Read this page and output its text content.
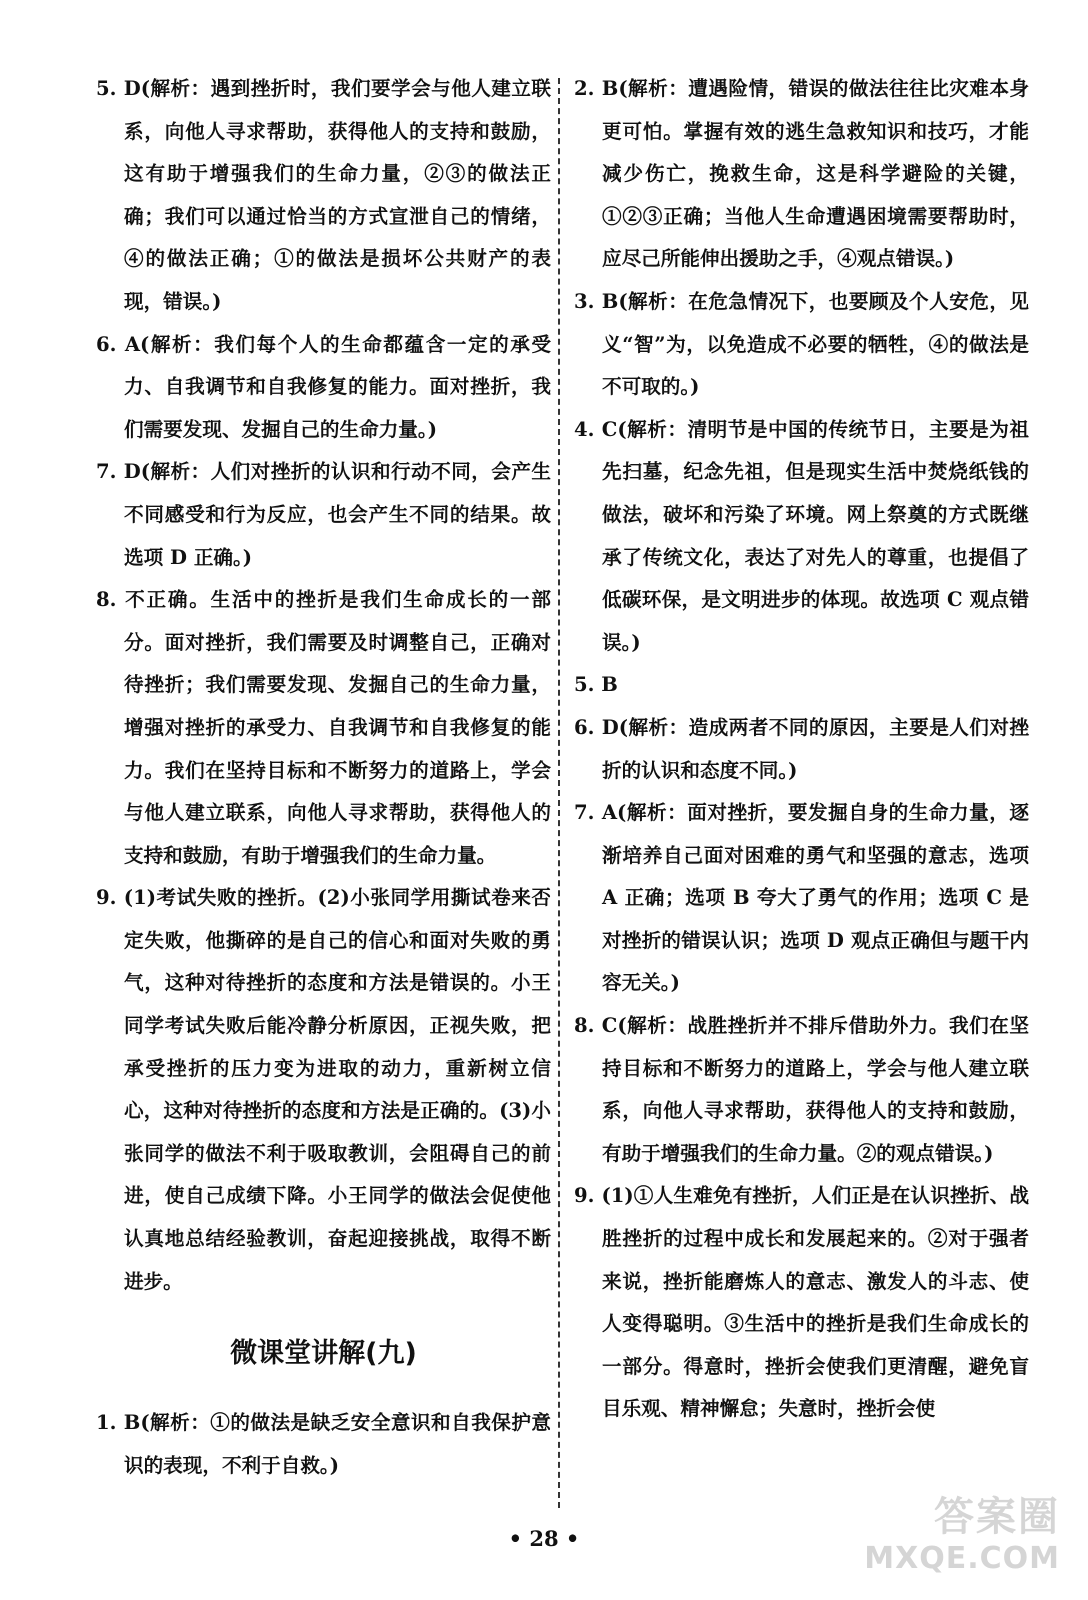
5. D(解析：遇到挫折时，我们要学会与他人建立联系，向他人寻求帮助，获得他人的支持和鼓励，这有助于增强我们的生命力量，②③的做法正确；我们可以通过恰当的方式宣泄自己的情绪，④的做法正确；①的做法是损坏公共财产的表现，错误。)

6. A(解析：我们每个人的生命都蕴含一定的承受力、自我调节和自我修复的能力。面对挫折，我们需要发现、发掘自己的生命力量。)

7. D(解析：人们对挫折的认识和行动不同，会产生不同感受和行为反应，也会产生不同的结果。故选项 D 正确。)

8. 不正确。生活中的挫折是我们生命成长的一部分。面对挫折，我们需要及时调整自己，正确对待挫折；我们需要发现、发掘自己的生命力量，增强对挫折的承受力、自我调节和自我修复的能力。我们在坚持目标和不断努力的道路上，学会与他人建立联系，向他人寻求帮助，获得他人的支持和鼓励，有助于增强我们的生命力量。

9. (1)考试失败的挫折。(2)小张同学用撕试卷来否定失败，他撕碎的是自己的信心和面对失败的勇气，这种对待挫折的态度和方法是错误的。小王同学考试失败后能冷静分析原因，正视失败，把承受挫折的压力变为进取的动力，重新树立信心，这种对待挫折的态度和方法是正确的。(3)小张同学的做法不利于吸取教训，会阻碍自己的前进，使自己成绩下降。小王同学的做法会促使他认真地总结经验教训，奋起迎接挑战，取得不断进步。

微课堂讲解(九)

1. B(解析：①的做法是缺乏安全意识和自我保护意识的表现，不利于自救。)

2. B(解析：遭遇险情，错误的做法往往比灾难本身更可怕。掌握有效的逃生急救知识和技巧，才能减少伤亡，挽救生命，这是科学避险的关键，①②③正确；当他人生命遭遇困境需要帮助时，应尽己所能伸出援助之手，④观点错误。)

3. B(解析：在危急情况下，也要顾及个人安危，见义“智”为，以免造成不必要的牺牲，④的做法是不可取的。)

4. C(解析：清明节是中国的传统节日，主要是为祖先扫墓，纪念先祖，但是现实生活中焚烧纸钱的做法，破坏和污染了环境。网上祭奠的方式既继承了传统文化，表达了对先人的尊重，也提倡了低碳环保，是文明进步的体现。故选项 C 观点错误。)

5. B

6. D(解析：造成两者不同的原因，主要是人们对挫折的认识和态度不同。)

7. A(解析：面对挫折，要发掘自身的生命力量，逐渐培养自己面对困难的勇气和坚强的意志，选项 A 正确；选项 B 夸大了勇气的作用；选项 C 是对挫折的错误认识；选项 D 观点正确但与题干内容无关。)

8. C(解析：战胜挫折并不排斥借助外力。我们在坚持目标和不断努力的道路上，学会与他人建立联系，向他人寻求帮助，获得他人的支持和鼓励，有助于增强我们的生命力量。②的观点错误。)

9. (1)①人生难免有挫折，人们正是在认识挫折、战胜挫折的过程中成长和发展起来的。②对于强者来说，挫折能磨炼人的意志、激发人的斗志、使人变得聪明。③生活中的挫折是我们生命成长的一部分。得意时，挫折会使我们更清醒，避免盲目乐观、精神懈怠；失意时，挫折会使

• 28 •	答案圈
MXQE.COM
